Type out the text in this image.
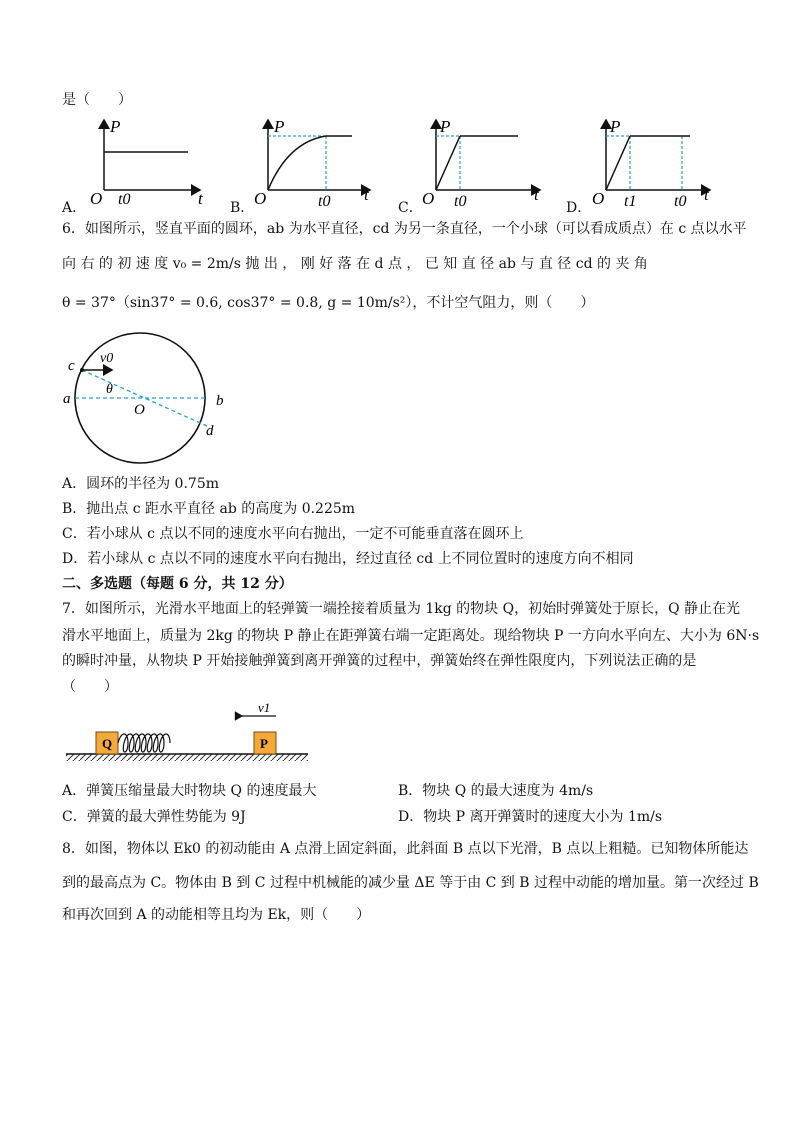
是（　　）
P
O t0	t
A．
P
O	t0 t
B．
P
O t0	t
C．
P
O t1 t0 t
D．
6．如图所示，竖直平面的圆环，ab 为水平直径，cd 为另一条直径，一个小球（可以看成质点）在 c 点以水平
向 右 的 初 速 度 v₀ = 2m/s 抛 出 ， 刚 好 落 在 d 点 ， 已 知 直 径 ab 与 直 径 cd 的 夹 角
θ = 37°（sin37° = 0.6, cos37° = 0.8, g = 10m/s²），不计空气阻力，则（　　）
c v0
a
θ
O
b
d
A．圆环的半径为 0.75m
B．抛出点 c 距水平直径 ab 的高度为 0.225m
C．若小球从 c 点以不同的速度水平向右抛出，一定不可能垂直落在圆环上
D．若小球从 c 点以不同的速度水平向右抛出，经过直径 cd 上不同位置时的速度方向不相同
二、多选题（每题 6 分，共 12 分）
7．如图所示，光滑水平地面上的轻弹簧一端拴接着质量为 1kg 的物块 Q，初始时弹簧处于原长，Q 静止在光
滑水平地面上，质量为 2kg 的物块 P 静止在距弹簧右端一定距离处。现给物块 P 一方向水平向左、大小为 6N·s
的瞬时冲量，从物块 P 开始接触弹簧到离开弹簧的过程中，弹簧始终在弹性限度内，下列说法正确的是
（　　）
Q	P
v1
A．弹簧压缩量最大时物块 Q 的速度最大	B．物块 Q 的最大速度为 4m/s
C．弹簧的最大弹性势能为 9J	D．物块 P 离开弹簧时的速度大小为 1m/s
8．如图，物体以 Ek0 的初动能由 A 点滑上固定斜面，此斜面 B 点以下光滑，B 点以上粗糙。已知物体所能达
到的最高点为 C。物体由 B 到 C 过程中机械能的减少量 ΔE 等于由 C 到 B 过程中动能的增加量。第一次经过 B
和再次回到 A 的动能相等且均为 Ek，则（　　）
